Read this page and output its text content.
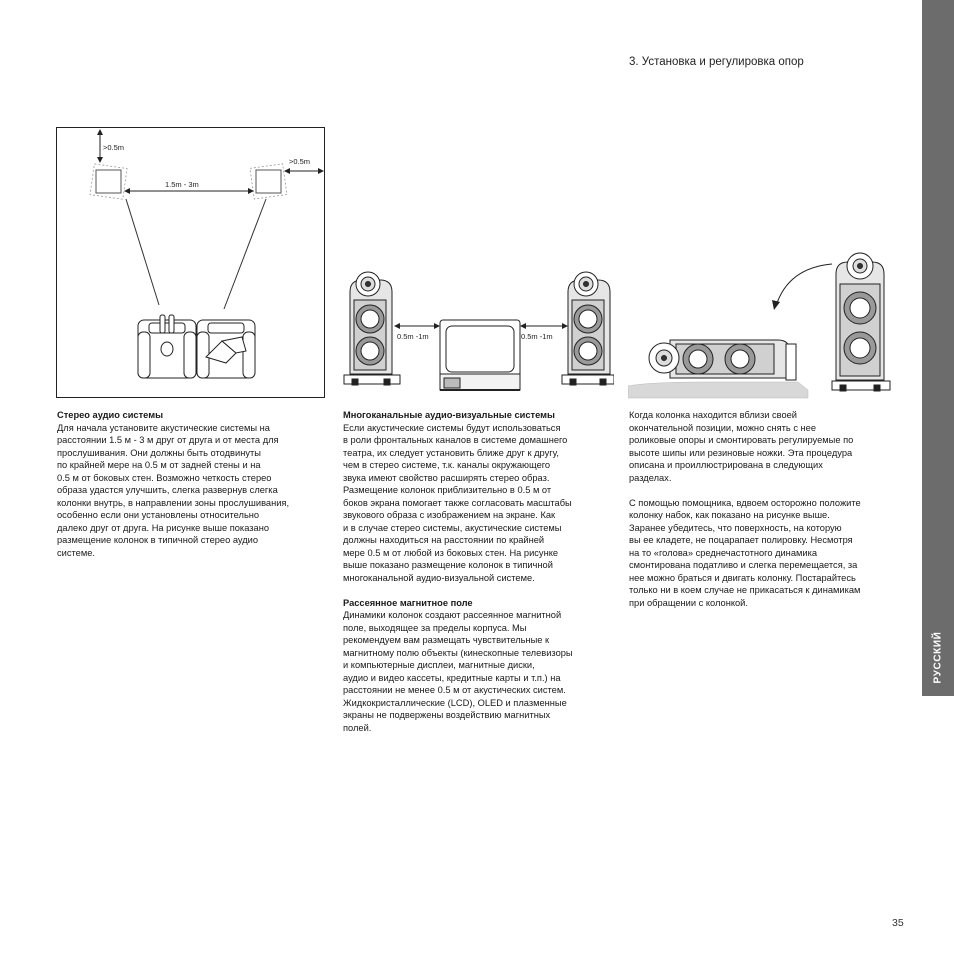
3. Установка и регулировка опор
РУССКИЙ
35
>0.5m
1.5m - 3m
>0.5m
0.5m -1m	0.5m -1m
Стерео аудио системы

Для начала установите акустические системы на

расстоянии 1.5 м - 3 м друг от друга и от места для

прослушивания. Они должны быть отодвинуты

по крайней мере на 0.5 м от задней стены и на

0.5 м от боковых стен. Возможно четкость стерео

образа удастся улучшить, слегка развернув слегка

колонки внутрь, в направлении зоны прослушивания,

особенно если они установлены относительно

далеко друг от друга. На рисунке выше показано

размещение колонок в типичной стерео аудио

системе.

Многоканальные аудио-визуальные системы

Если акустические системы будут использоваться

в роли фронтальных каналов в системе домашнего

театра, их следует установить ближе друг к другу,

чем в стерео системе, т.к. каналы окружающего

звука имеют свойство расширять стерео образ.

Размещение колонок приблизительно в 0.5 м от

боков экрана помогает также согласовать масштабы

звукового образа с изображением на экране. Как

и в случае стерео системы, акустические системы

должны находиться на расстоянии по крайней

мере 0.5 м от любой из боковых стен. На рисунке

выше показано размещение колонок в типичной

многоканальной аудио-визуальной системе.

Рассеянное магнитное поле

Динамики колонок создают рассеянное магнитной

поле, выходящее за пределы корпуса. Мы

рекомендуем вам размещать чувствительные к

магнитному полю объекты (кинескопные телевизоры

и компьютерные дисплеи, магнитные диски,

аудио и видео кассеты, кредитные карты и т.п.) на

расстоянии не менее 0.5 м от акустических систем.

Жидкокристаллические (LCD), OLED и плазменные

экраны не подвержены воздействию магнитных

полей.

Когда колонка находится вблизи своей

окончательной позиции, можно снять с нее

роликовые опоры и смонтировать регулируемые по

высоте шипы или резиновые ножки. Эта процедура

описана и проиллюстрирована в следующих

разделах.

С помощью помощника, вдвоем осторожно положите

колонку набок, как показано на рисунке выше.

Заранее убедитесь, что поверхность, на которую

вы ее кладете, не поцарапает полировку. Несмотря

на то «голова» среднечастотного динамика

смонтирована податливо и слегка перемещается, за

нее можно браться и двигать колонку. Постарайтесь

только ни в коем случае не прикасаться к динамикам

при обращении с колонкой.
